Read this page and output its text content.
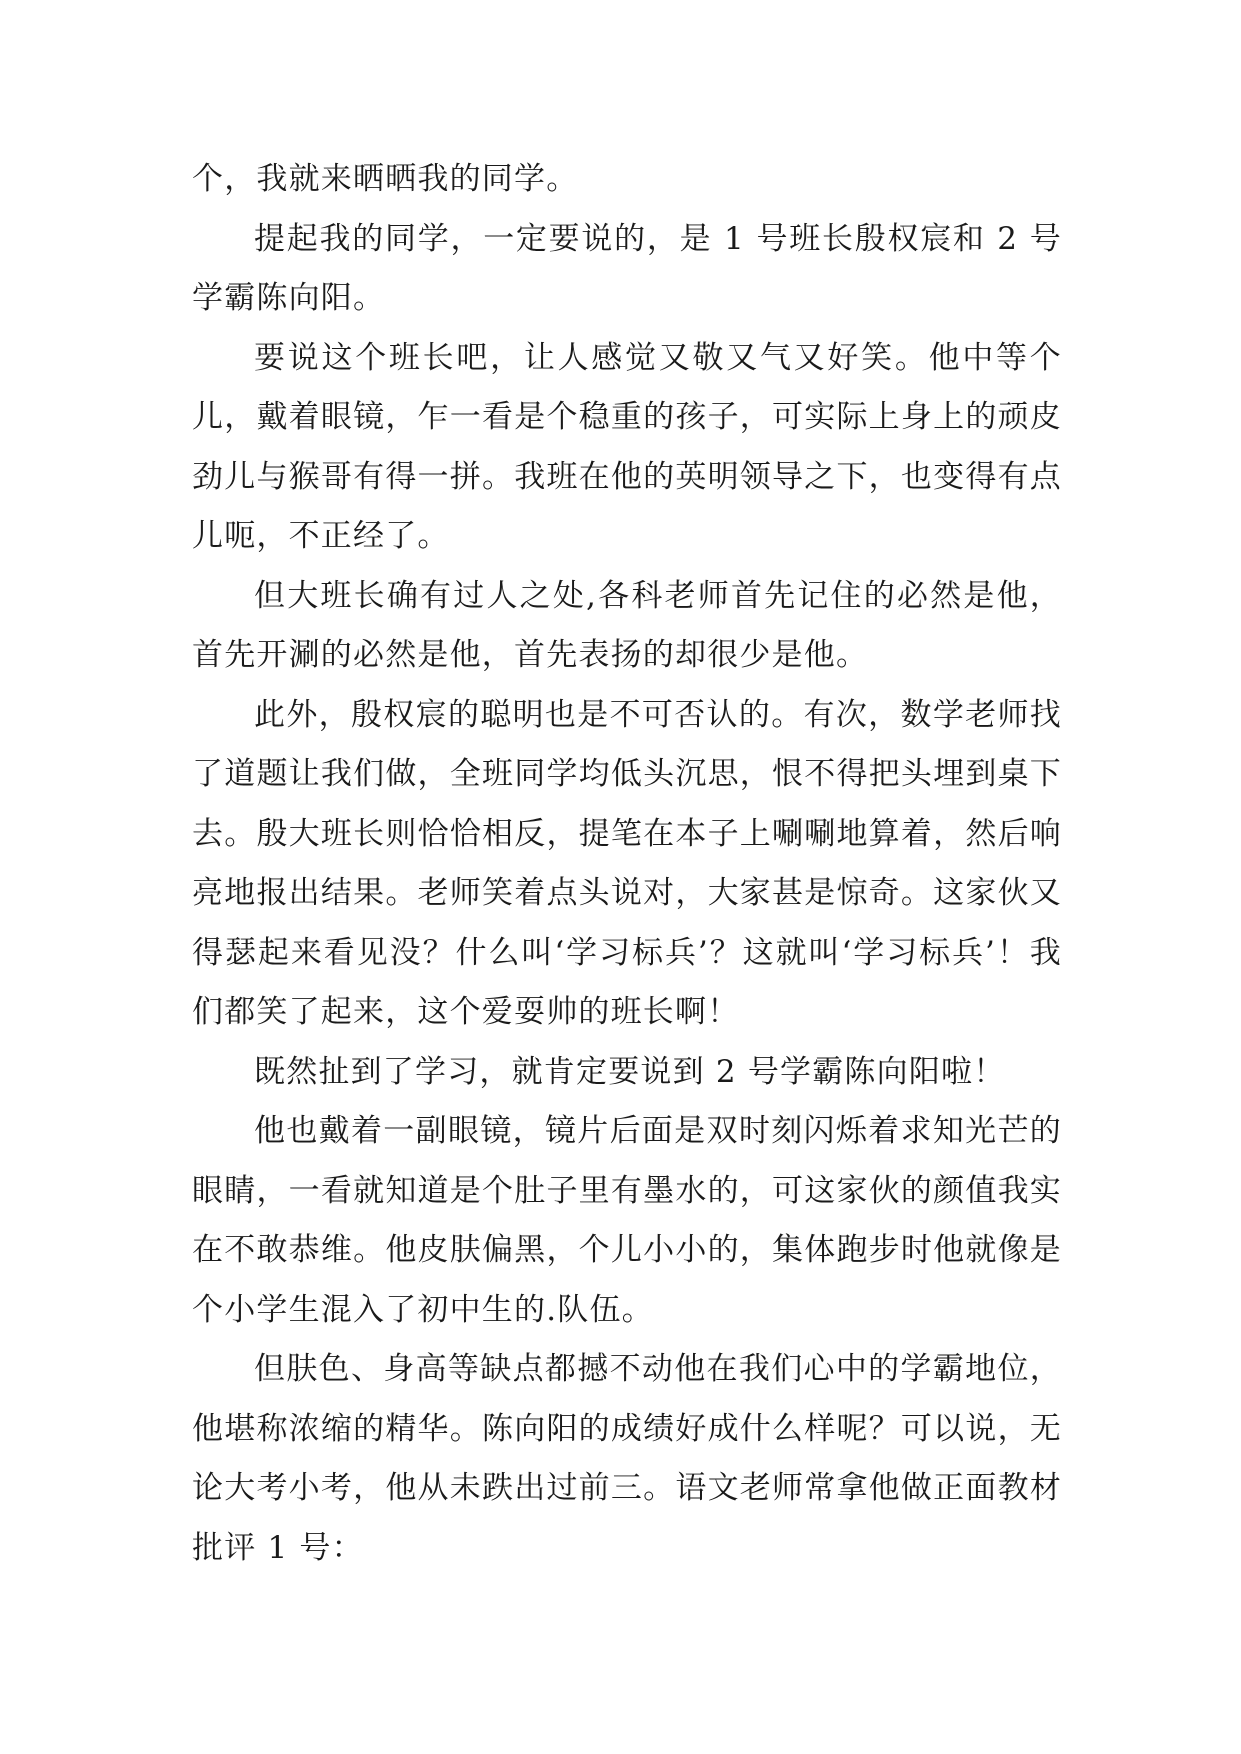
个，我就来晒晒我的同学。

提起我的同学，一定要说的，是 1 号班长殷权宸和 2 号学霸陈向阳。

要说这个班长吧，让人感觉又敬又气又好笑。他中等个儿，戴着眼镜，乍一看是个稳重的孩子，可实际上身上的顽皮劲儿与猴哥有得一拼。我班在他的英明领导之下，也变得有点儿呃，不正经了。

但大班长确有过人之处,各科老师首先记住的必然是他，首先开涮的必然是他，首先表扬的却很少是他。

此外，殷权宸的聪明也是不可否认的。有次，数学老师找了道题让我们做，全班同学均低头沉思，恨不得把头埋到桌下去。殷大班长则恰恰相反，提笔在本子上唰唰地算着，然后响亮地报出结果。老师笑着点头说对，大家甚是惊奇。这家伙又得瑟起来看见没？什么叫‘学习标兵’？这就叫‘学习标兵’！我们都笑了起来，这个爱耍帅的班长啊！

既然扯到了学习，就肯定要说到 2 号学霸陈向阳啦！

他也戴着一副眼镜，镜片后面是双时刻闪烁着求知光芒的眼睛，一看就知道是个肚子里有墨水的，可这家伙的颜值我实在不敢恭维。他皮肤偏黑，个儿小小的，集体跑步时他就像是个小学生混入了初中生的.队伍。

但肤色、身高等缺点都撼不动他在我们心中的学霸地位，他堪称浓缩的精华。陈向阳的成绩好成什么样呢？可以说，无论大考小考，他从未跌出过前三。语文老师常拿他做正面教材批评 1 号：
